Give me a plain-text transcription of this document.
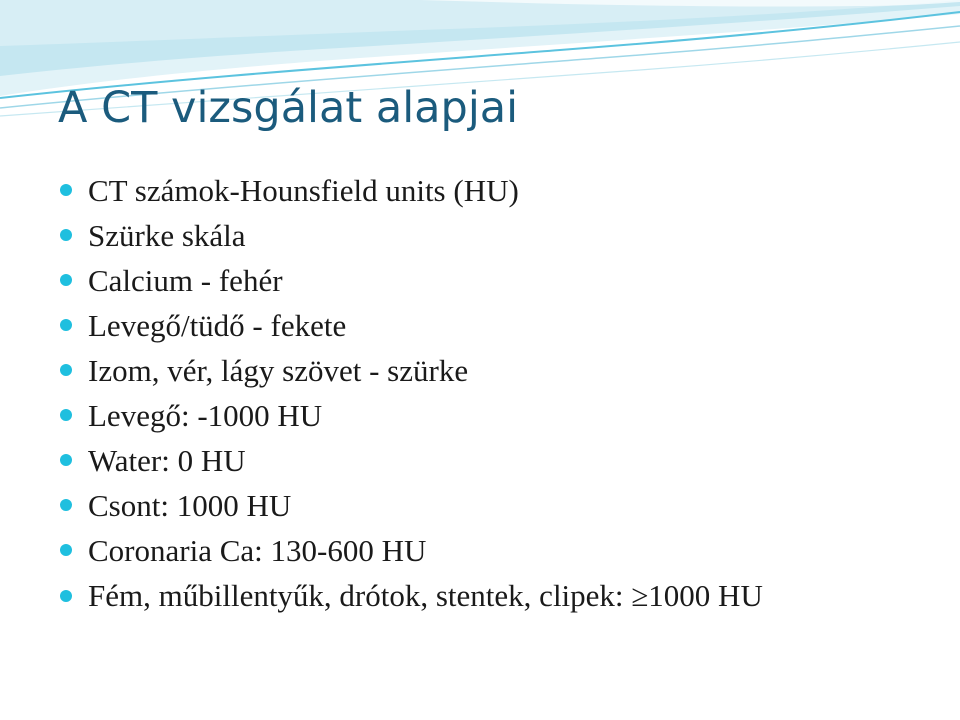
A CT vizsgálat alapjai
CT számok-Hounsfield units (HU)
Szürke skála
Calcium - fehér
Levegő/tüdő - fekete
Izom, vér, lágy szövet - szürke
Levegő: -1000 HU
Water: 0 HU
Csont: 1000 HU
Coronaria Ca: 130-600 HU
Fém, műbillentyűk, drótok, stentek, clipek: ≥1000 HU
